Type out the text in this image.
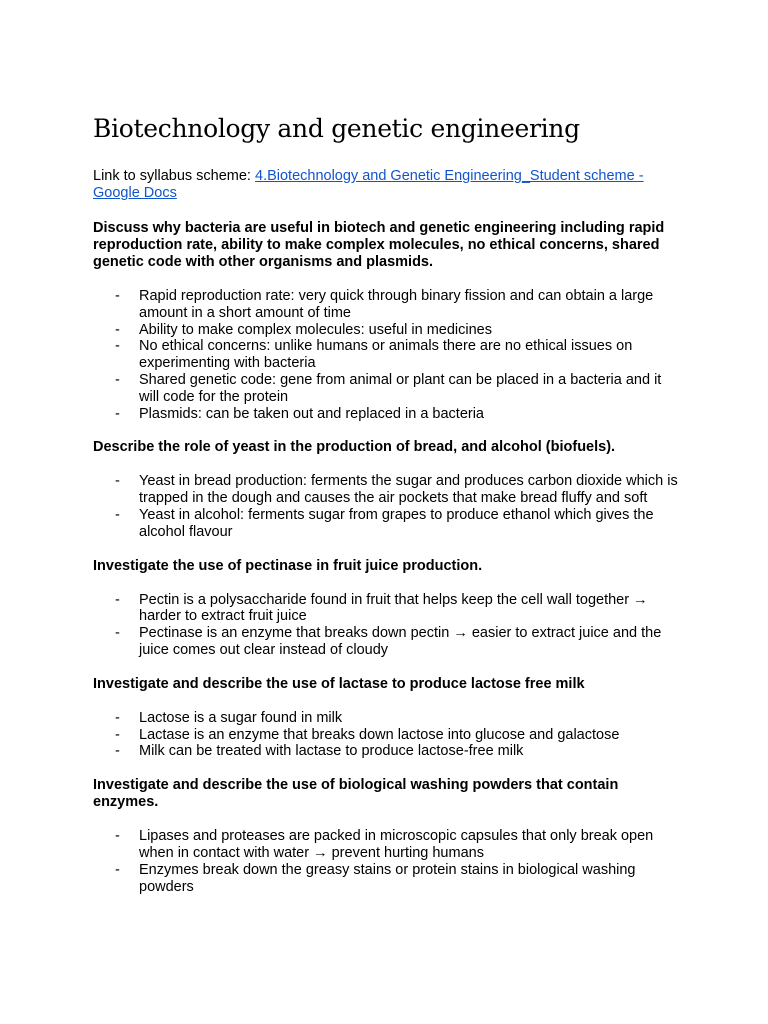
Biotechnology and genetic engineering

Link to syllabus scheme: 4.Biotechnology and Genetic Engineering_Student scheme - Google Docs

Discuss why bacteria are useful in biotech and genetic engineering including rapid reproduction rate, ability to make complex molecules, no ethical concerns, shared genetic code with other organisms and plasmids.

- Rapid reproduction rate: very quick through binary fission and can obtain a large amount in a short amount of time
- Ability to make complex molecules: useful in medicines
- No ethical concerns: unlike humans or animals there are no ethical issues on experimenting with bacteria
- Shared genetic code: gene from animal or plant can be placed in a bacteria and it will code for the protein
- Plasmids: can be taken out and replaced in a bacteria

Describe the role of yeast in the production of bread, and alcohol (biofuels).

- Yeast in bread production: ferments the sugar and produces carbon dioxide which is trapped in the dough and causes the air pockets that make bread fluffy and soft
- Yeast in alcohol: ferments sugar from grapes to produce ethanol which gives the alcohol flavour

Investigate the use of pectinase in fruit juice production.

- Pectin is a polysaccharide found in fruit that helps keep the cell wall together → harder to extract fruit juice
- Pectinase is an enzyme that breaks down pectin → easier to extract juice and the juice comes out clear instead of cloudy

Investigate and describe the use of lactase to produce lactose free milk

- Lactose is a sugar found in milk
- Lactase is an enzyme that breaks down lactose into glucose and galactose
- Milk can be treated with lactase to produce lactose-free milk

Investigate and describe the use of biological washing powders that contain enzymes.

- Lipases and proteases are packed in microscopic capsules that only break open when in contact with water → prevent hurting humans
- Enzymes break down the greasy stains or protein stains in biological washing powders
